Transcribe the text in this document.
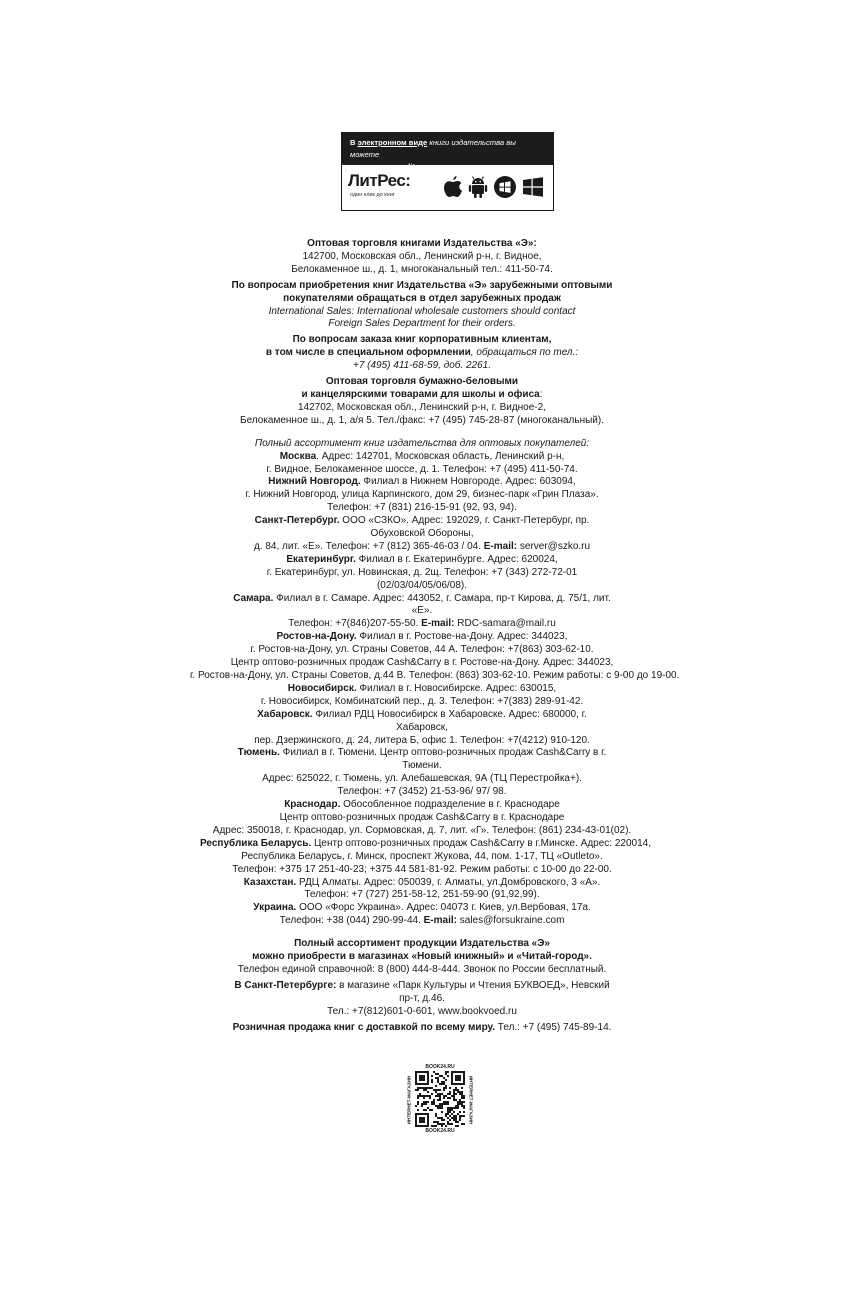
В электронном виде книги издательства вы можете
купить на www.litres.ru
ЛитРес:
один клик до книг
Оптовая торговля книгами Издательства «Э»:
142700, Московская обл., Ленинский р-н, г. Видное,
Белокаменное ш., д. 1, многоканальный тел.: 411-50-74.
По вопросам приобретения книг Издательства «Э» зарубежными оптовыми
покупателями обращаться в отдел зарубежных продаж
International Sales: International wholesale customers should contact
Foreign Sales Department for their orders.
По вопросам заказа книг корпоративным клиентам,
в том числе в специальном оформлении, обращаться по тел.:
+7 (495) 411-68-59, доб. 2261.
Оптовая торговля бумажно-беловыми
и канцелярскими товарами для школы и офиса:
142702, Московская обл., Ленинский р-н, г. Видное-2,
Белокаменное ш., д. 1, а/я 5. Тел./факс: +7 (495) 745-28-87 (многоканальный).
Полный ассортимент книг издательства для оптовых покупателей:
Москва. Адрес: 142701, Московская область, Ленинский р-н,
г. Видное, Белокаменное шоссе, д. 1. Телефон: +7 (495) 411-50-74.
Нижний Новгород. Филиал в Нижнем Новгороде. Адрес: 603094,
г. Нижний Новгород, улица Карпинского, дом 29, бизнес-парк «Грин Плаза».
Телефон: +7 (831) 216-15-91 (92, 93, 94).
Санкт-Петербург. ООО «СЗКО». Адрес: 192029, г. Санкт-Петербург, пр. Обуховской Обороны,
д. 84, лит. «Е». Телефон: +7 (812) 365-46-03 / 04. E-mail: server@szko.ru
Екатеринбург. Филиал в г. Екатеринбурге. Адрес: 620024,
г. Екатеринбург, ул. Новинская, д. 2щ. Телефон: +7 (343) 272-72-01 (02/03/04/05/06/08).
Самара. Филиал в г. Самаре. Адрес: 443052, г. Самара, пр-т Кирова, д. 75/1, лит. «Е».
Телефон: +7(846)207-55-50. E-mail: RDC-samara@mail.ru
Ростов-на-Дону. Филиал в г. Ростове-на-Дону. Адрес: 344023,
г. Ростов-на-Дону, ул. Страны Советов, 44 А. Телефон: +7(863) 303-62-10.
Центр оптово-розничных продаж Cash&Carry в г. Ростове-на-Дону. Адрес: 344023,
г. Ростов-на-Дону, ул. Страны Советов, д.44 В. Телефон: (863) 303-62-10. Режим работы: с 9-00 до 19-00.
Новосибирск. Филиал в г. Новосибирске. Адрес: 630015,
г. Новосибирск, Комбинатский пер., д. 3. Телефон: +7(383) 289-91-42.
Хабаровск. Филиал РДЦ Новосибирск в Хабаровске. Адрес: 680000, г. Хабаровск,
пер. Дзержинского, д. 24, литера Б, офис 1. Телефон: +7(4212) 910-120.
Тюмень. Филиал в г. Тюмени. Центр оптово-розничных продаж Cash&Carry в г. Тюмени.
Адрес: 625022, г. Тюмень, ул. Алебашевская, 9А (ТЦ Перестройка+).
Телефон: +7 (3452) 21-53-96/ 97/ 98.
Краснодар. Обособленное подразделение в г. Краснодаре
Центр оптово-розничных продаж Cash&Carry в г. Краснодаре
Адрес: 350018, г. Краснодар, ул. Сормовская, д. 7, лит. «Г». Телефон: (861) 234-43-01(02).
Республика Беларусь. Центр оптово-розничных продаж Cash&Carry в г.Минске. Адрес: 220014,
Республика Беларусь, г. Минск, проспект Жукова, 44, пом. 1-17, ТЦ «Outleto».
Телефон: +375 17 251-40-23; +375 44 581-81-92. Режим работы: с 10-00 до 22-00.
Казахстан. РДЦ Алматы. Адрес: 050039, г. Алматы, ул.Домбровского, 3 «А».
Телефон: +7 (727) 251-58-12, 251-59-90 (91,92,99).
Украина. ООО «Форс Украина». Адрес: 04073 г. Киев, ул.Вербовая, 17а.
Телефон: +38 (044) 290-99-44. E-mail: sales@forsukraine.com
Полный ассортимент продукции Издательства «Э»
можно приобрести в магазинах «Новый книжный» и «Читай-город».
Телефон единой справочной: 8 (800) 444-8-444. Звонок по России бесплатный.
В Санкт-Петербурге: в магазине «Парк Культуры и Чтения БУКВОЕД», Невский пр-т, д.46.
Тел.: +7(812)601-0-601, www.bookvoed.ru
Розничная продажа книг с доставкой по всему миру. Тел.: +7 (495) 745-89-14.
BOOK24.RU
ИНТЕРНЕТ-МАГАЗИН	ИНТЕРНЕТ-МАГАЗИН
BOOK24.RU
